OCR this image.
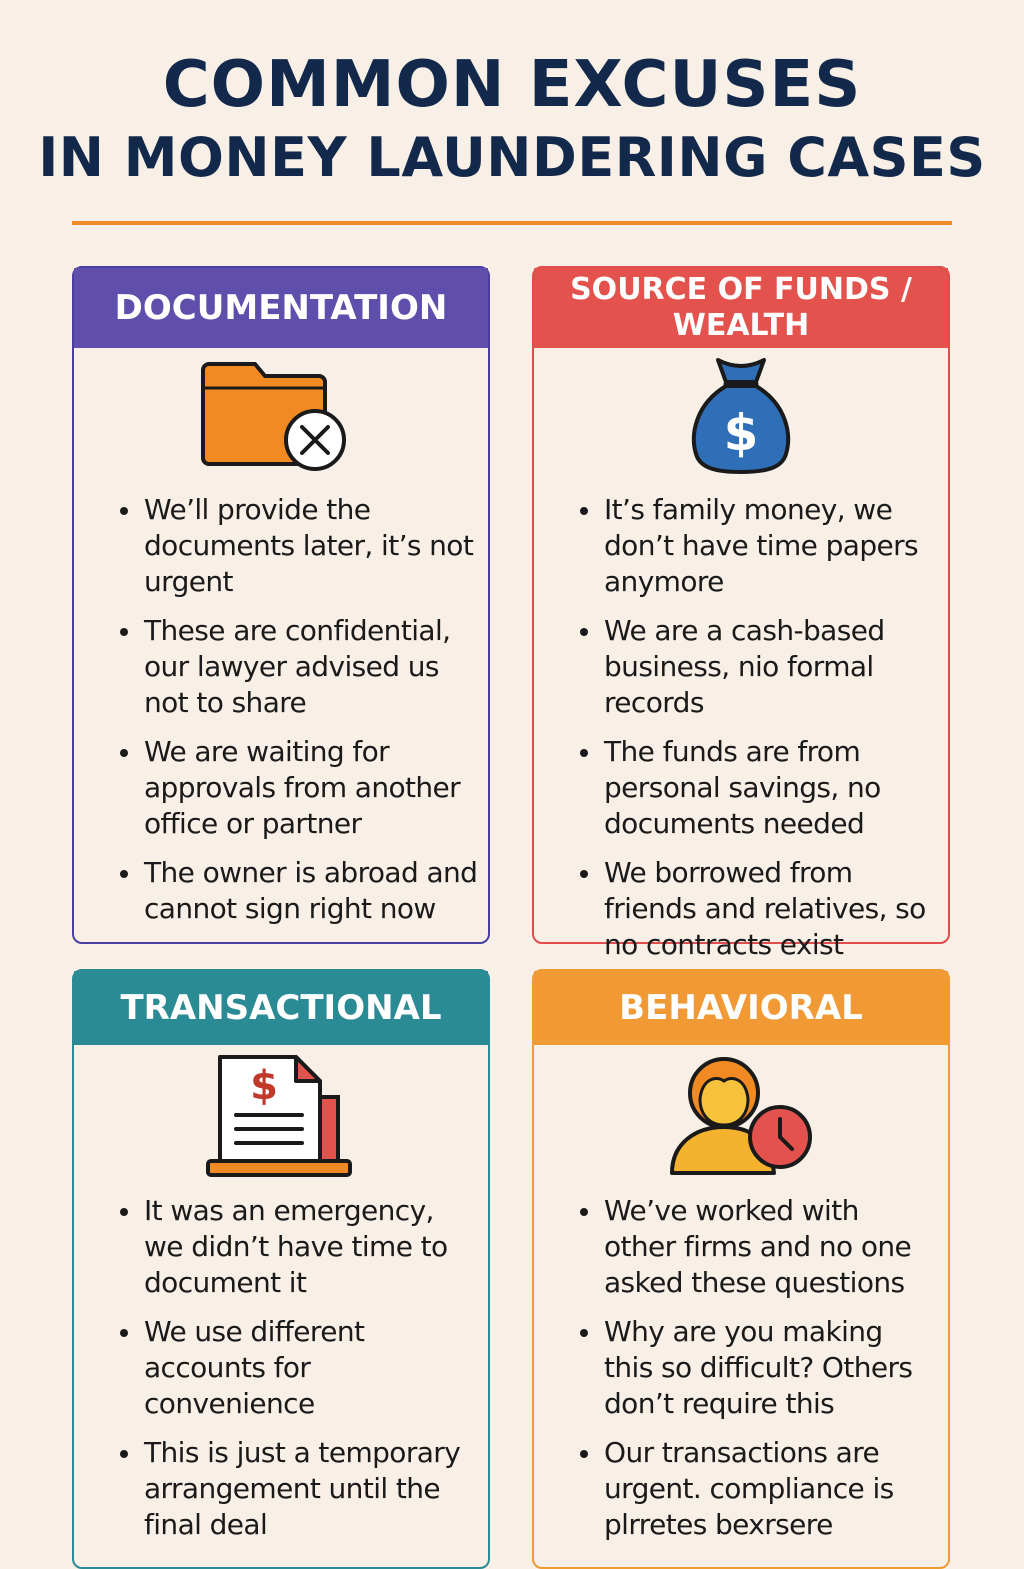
COMMON EXCUSES
IN MONEY LAUNDERING CASES
DOCUMENTATION
We’ll provide the documents later, it’s not urgent
These are confidential, our lawyer advised us not to share
We are waiting for approvals from another office or partner
The owner is abroad and cannot sign right now
SOURCE OF FUNDS /
WEALTH
$
It’s family money, we don’t have time papers anymore
We are a cash-based business, nio formal records
The funds are from personal savings, no documents needed
We borrowed from friends and relatives, so no contracts exist
TRANSACTIONAL
$
It was an emergency, we didn’t have time to document it
We use different accounts for convenience
This is just a temporary arrangement until the final deal
BEHAVIORAL
We’ve worked with other firms and no one asked these questions
Why are you making this so difficult? Others don’t require this
Our transactions are urgent. compliance is plrretes bexrsere
